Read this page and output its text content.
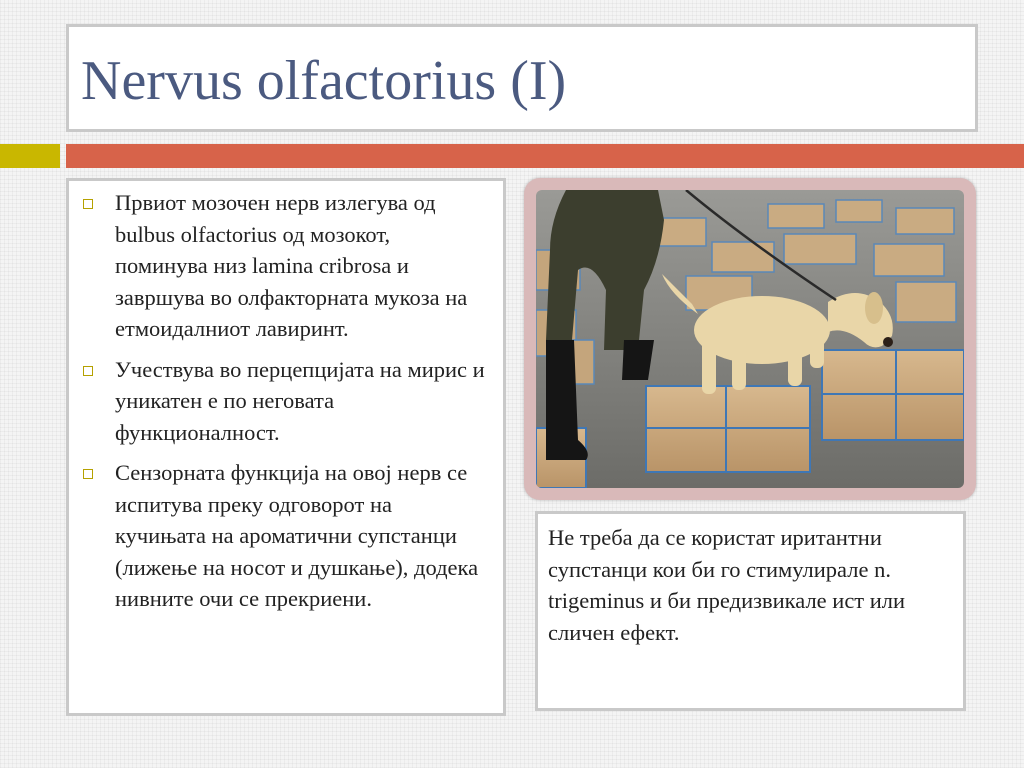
Nervus olfactorius (I)
Првиот мозочен нерв излегува од bulbus olfactorius од мозокот, поминува низ lamina cribrosa и завршува во олфакторната мукоза на етмоидалниот лавиринт.
Учествува во перцепцијата на мирис и уникатен е по неговата функционалност.
Сензорната функција на овој нерв се испитува преку одговорот на кучињата на ароматични супстанци (лижење на носот и душкање), додека нивните очи се прекриени.
Не треба да се користат иритантни супстанци кои би го стимулирале n. trigeminus и би предизвикале ист или сличен ефект.
